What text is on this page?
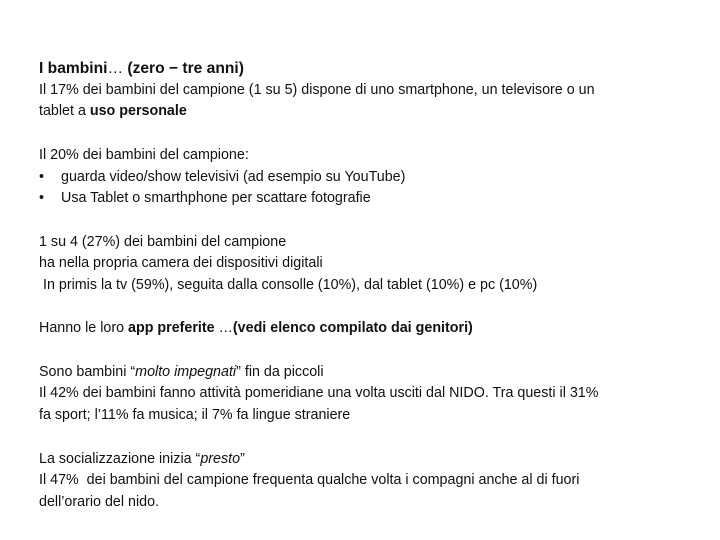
I bambini… (zero − tre anni)
Il 17% dei bambini del campione (1 su 5) dispone di uno smartphone, un televisore o un
tablet a uso personale
Il 20% dei bambini del campione:
• guarda video/show televisivi (ad esempio su YouTube)
• Usa Tablet o smarthphone per scattare fotografie
1 su 4 (27%) dei bambini del campione
ha nella propria camera dei dispositivi digitali
In primis la tv (59%), seguita dalla consolle (10%), dal tablet (10%) e pc (10%)
Hanno le loro app preferite …(vedi elenco compilato dai genitori)
Sono bambini “molto impegnati” fin da piccoli
Il 42% dei bambini fanno attività pomeridiane una volta usciti dal NIDO. Tra questi il 31%
fa sport; l’11% fa musica; il 7% fa lingue straniere
La socializzazione inizia “presto”
Il 47%  dei bambini del campione frequenta qualche volta i compagni anche al di fuori
dell’orario del nido.
